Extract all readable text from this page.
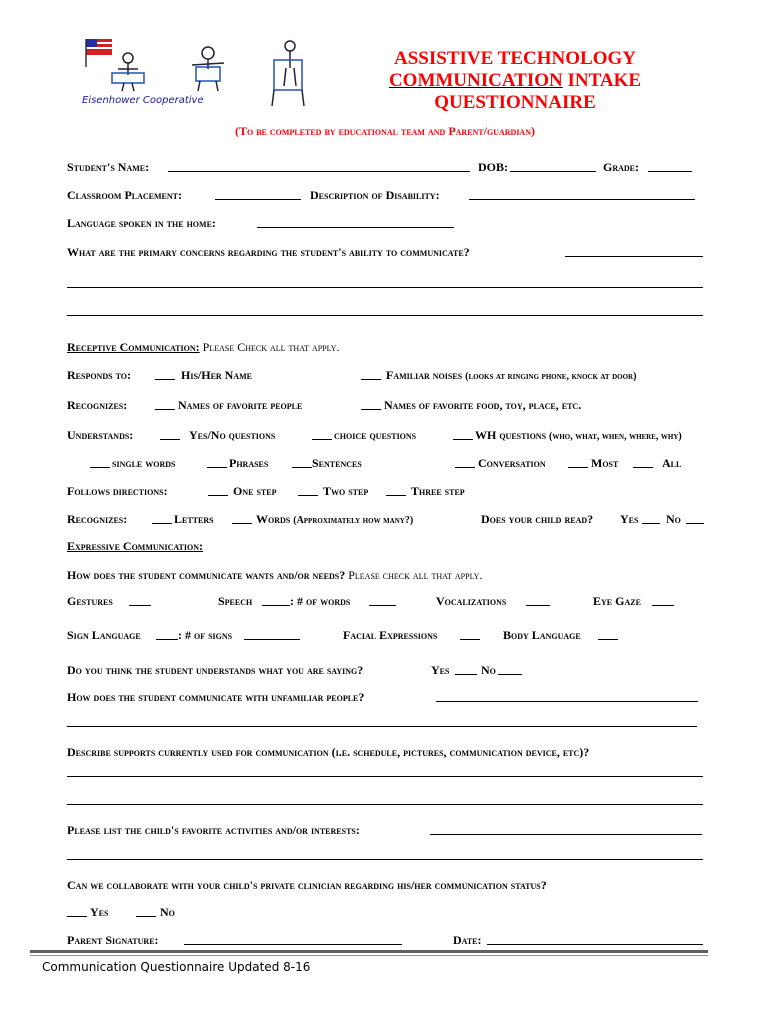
Eisenhower Cooperative
ASSISTIVE TECHNOLOGY
COMMUNICATION INTAKE
QUESTIONNAIRE
(To be completed by educational team and Parent/guardian)
Student's Name:	DOB:	Grade:
Classroom Placement:	Description of Disability:
Language spoken in the home:
What are the primary concerns regarding the student's ability to communicate?
Receptive Communication: Please Check all that apply.
Responds to:	His/Her Name	Familiar noises (looks at ringing phone, knock at door)
Recognizes:	Names of favorite people	Names of favorite food, toy, place, etc.
Understands:	Yes/No questions	choice questions	WH questions (who, what, when, where, why)
single words	Phrases	Sentences	Conversation	Most	All
Follows directions:	One step	Two step	Three step
Recognizes:	Letters	Words (Approximately how many?)	Does your child read? Yes No
Expressive Communication:
How does the student communicate wants and/or needs? Please check all that apply.
Gestures	Speech	: # of words	Vocalizations	Eye Gaze
Sign Language	: # of signs	Facial Expressions	Body Language
Do you think the student understands what you are saying?	Yes	No
How does the student communicate with unfamiliar people?
Describe supports currently used for communication (i.e. schedule, pictures, communication device, etc)?
Please list the child's favorite activities and/or interests:
Can we collaborate with your child's private clinician regarding his/her communication status?
Yes	No
Parent Signature:	Date:
Communication Questionnaire Updated 8-16
